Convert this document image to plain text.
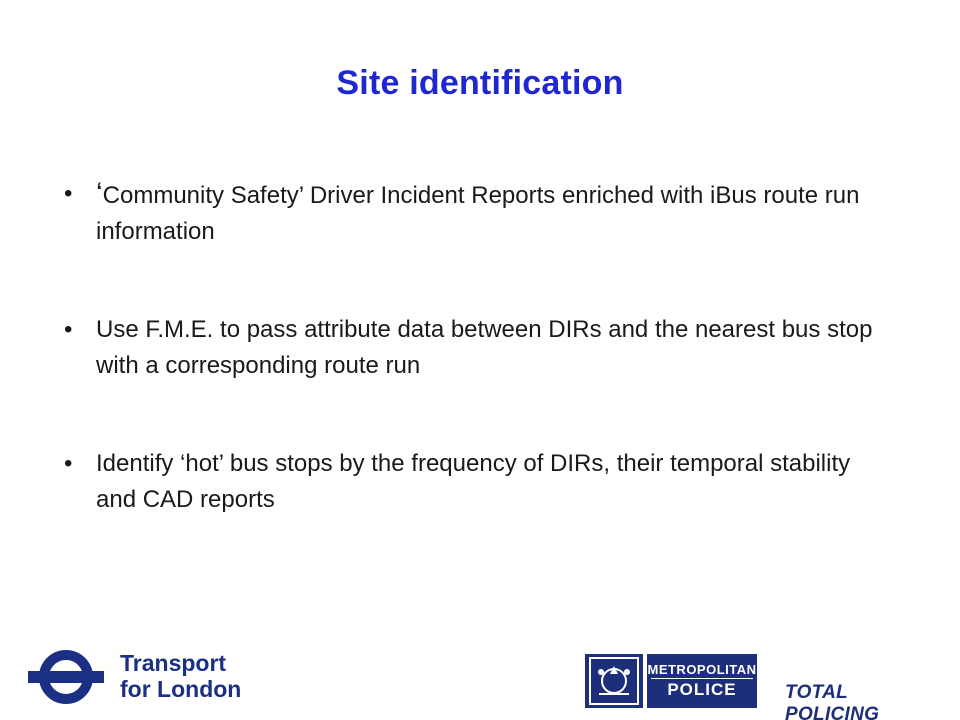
Site identification
• ‘Community Safety’ Driver Incident Reports enriched with iBus route run information
• Use F.M.E. to pass attribute data between DIRs and the nearest bus stop with a corresponding route run
• Identify ‘hot’ bus stops by the frequency of DIRs, their temporal stability and CAD reports
Transport
for London
METROPOLITAN
POLICE	TOTAL POLICING
